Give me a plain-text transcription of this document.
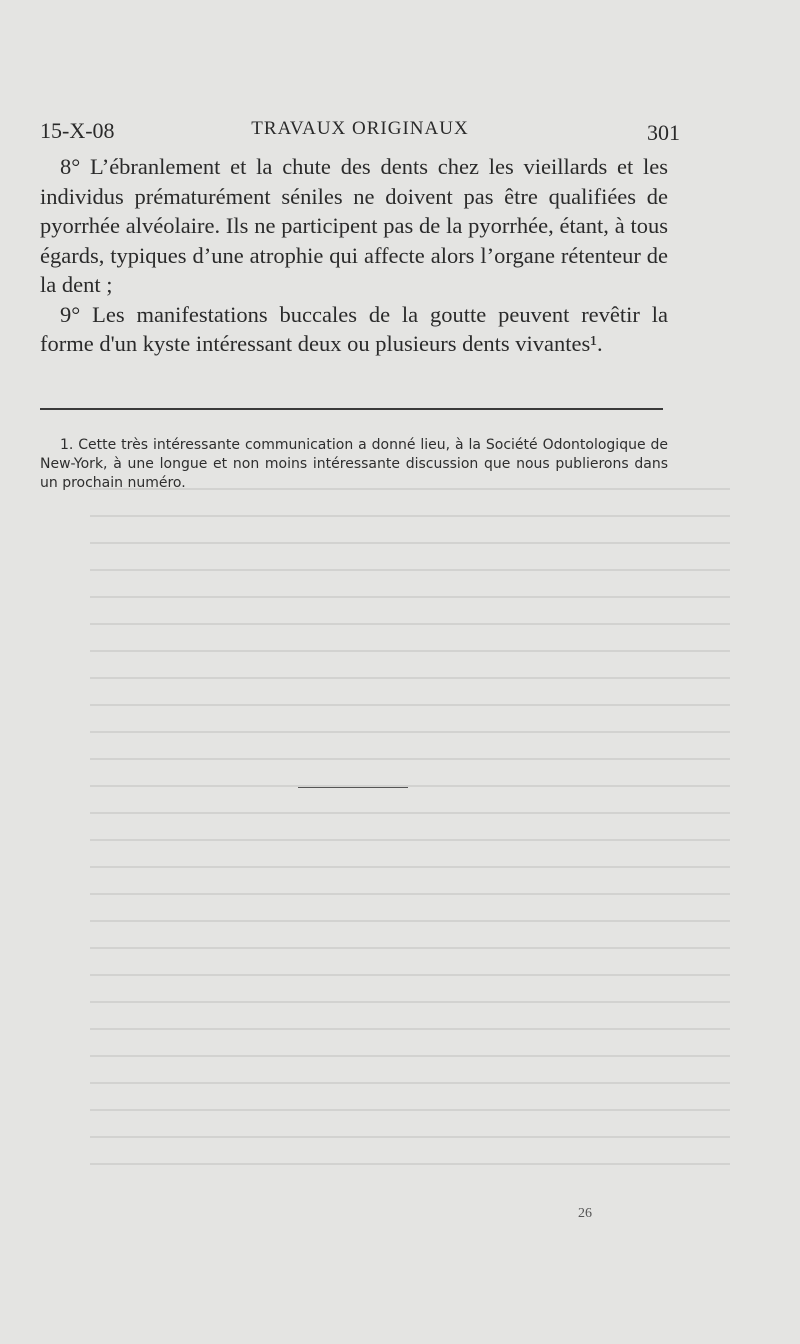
15-X-08	TRAVAUX ORIGINAUX	301

8° L’ébranlement et la chute des dents chez les vieillards et les individus prématurément séniles ne doivent pas être qualifiées de pyorrhée alvéolaire. Ils ne participent pas de la pyorrhée, étant, à tous égards, typiques d’une atrophie qui affecte alors l’organe rétenteur de la dent ;

9° Les manifestations buccales de la goutte peuvent revêtir la forme d'un kyste intéressant deux ou plusieurs dents vivantes¹.

1. Cette très intéressante communication a donné lieu, à la Société Odontologique de New-York, à une longue et non moins intéressante discussion que nous publierons dans un prochain numéro.

26
